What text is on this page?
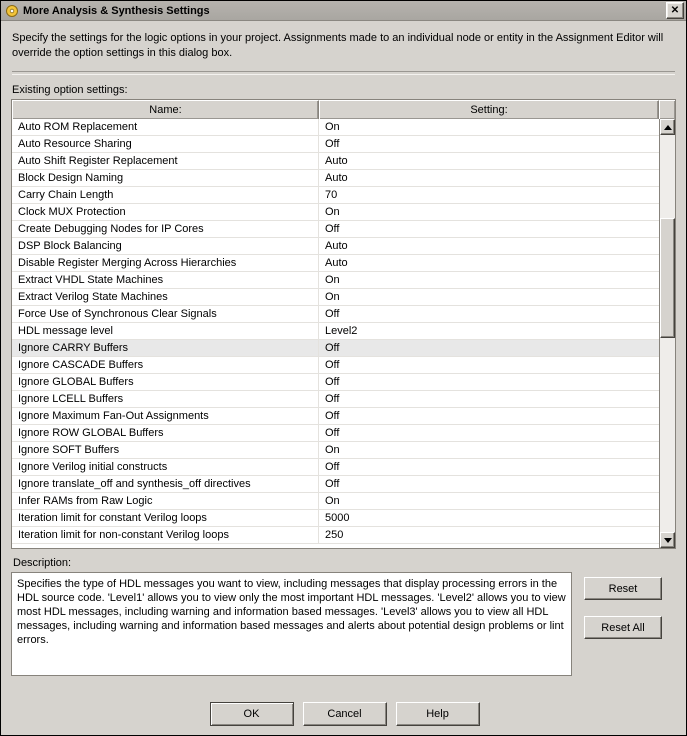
More Analysis & Synthesis Settings	✕
Specify the settings for the logic options in your project. Assignments made to an individual node or entity in the Assignment Editor will override the option settings in this dialog box.
Existing option settings:
Name:	Setting:
Auto ROM Replacement	On
Auto Resource Sharing	Off
Auto Shift Register Replacement	Auto
Block Design Naming	Auto
Carry Chain Length	70
Clock MUX Protection	On
Create Debugging Nodes for IP Cores	Off
DSP Block Balancing	Auto
Disable Register Merging Across Hierarchies	Auto
Extract VHDL State Machines	On
Extract Verilog State Machines	On
Force Use of Synchronous Clear Signals	Off
HDL message level	Level2
Ignore CARRY Buffers	Off
Ignore CASCADE Buffers	Off
Ignore GLOBAL Buffers	Off
Ignore LCELL Buffers	Off
Ignore Maximum Fan-Out Assignments	Off
Ignore ROW GLOBAL Buffers	Off
Ignore SOFT Buffers	On
Ignore Verilog initial constructs	Off
Ignore translate_off and synthesis_off directives	Off
Infer RAMs from Raw Logic	On
Iteration limit for constant Verilog loops	5000
Iteration limit for non-constant Verilog loops	250
Description:
Specifies the type of HDL messages you want to view, including messages that display processing errors in the HDL source code. 'Level1' allows you to view only the most important HDL messages. 'Level2' allows you to view most HDL messages, including warning and information based messages. 'Level3' allows you to view all HDL messages, including warning and information based messages and alerts about potential design problems or lint errors.
Reset
Reset All
OK	Cancel	Help
